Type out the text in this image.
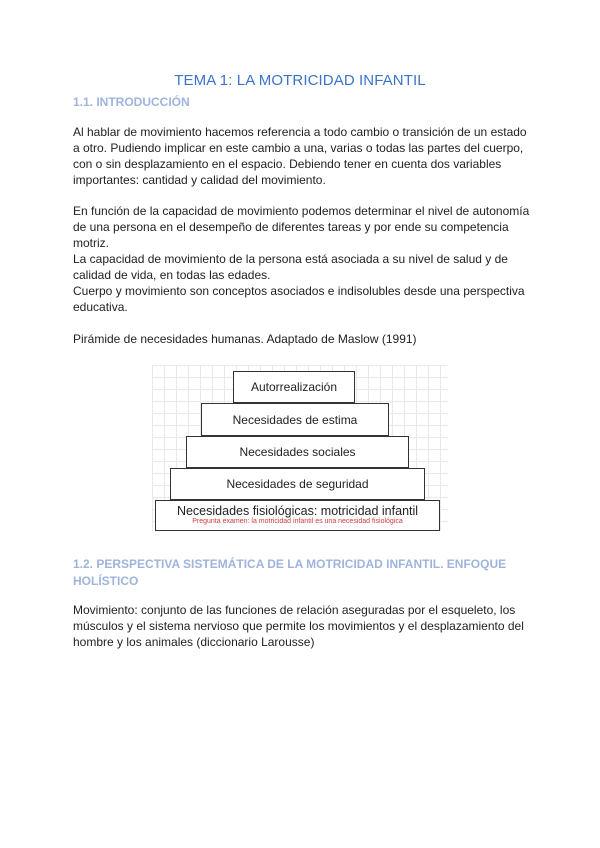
TEMA 1: LA MOTRICIDAD INFANTIL
1.1. INTRODUCCIÓN

Al hablar de movimiento hacemos referencia a todo cambio o transición de un estado a otro. Pudiendo implicar en este cambio a una, varias o todas las partes del cuerpo, con o sin desplazamiento en el espacio. Debiendo tener en cuenta dos variables importantes: cantidad y calidad del movimiento.

En función de la capacidad de movimiento podemos determinar el nivel de autonomía de una persona en el desempeño de diferentes tareas y por ende su competencia motriz.

La capacidad de movimiento de la persona está asociada a su nivel de salud y de calidad de vida, en todas las edades.

Cuerpo y movimiento son conceptos asociados e indisolubles desde una perspectiva educativa.

Pirámide de necesidades humanas. Adaptado de Maslow (1991)

Autorrealización
Necesidades de estima
Necesidades sociales
Necesidades de seguridad
Necesidades fisiológicas: motricidad infantil
Pregunta examen: la motricidad infantil es una necesidad fisiológica
1.2. PERSPECTIVA SISTEMÁTICA DE LA MOTRICIDAD INFANTIL. ENFOQUE HOLÍSTICO

Movimiento: conjunto de las funciones de relación aseguradas por el esqueleto, los músculos y el sistema nervioso que permite los movimientos y el desplazamiento del hombre y los animales (diccionario Larousse)
